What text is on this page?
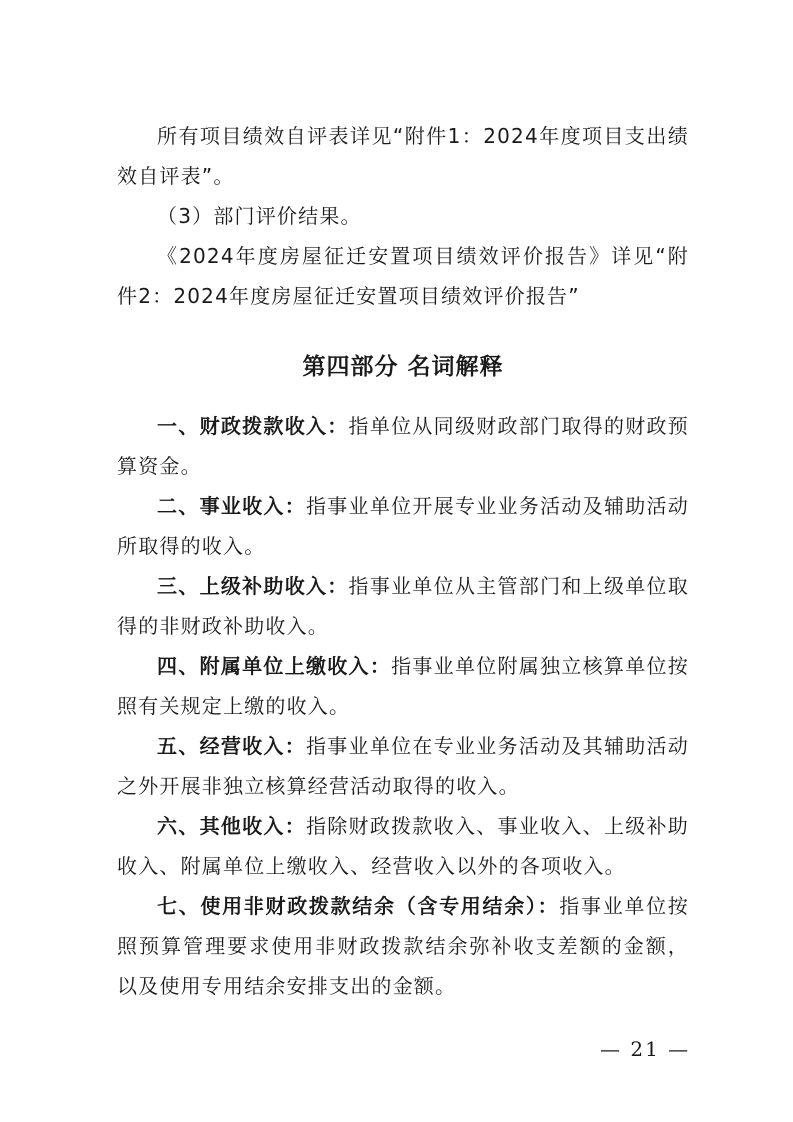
所有项目绩效自评表详见“附件1：2024年度项目支出绩效自评表”。

（3）部门评价结果。

《2024年度房屋征迁安置项目绩效评价报告》详见“附件2：2024年度房屋征迁安置项目绩效评价报告”

第四部分 名词解释

一、财政拨款收入：指单位从同级财政部门取得的财政预算资金。

二、事业收入：指事业单位开展专业业务活动及辅助活动所取得的收入。

三、上级补助收入：指事业单位从主管部门和上级单位取得的非财政补助收入。

四、附属单位上缴收入：指事业单位附属独立核算单位按照有关规定上缴的收入。

五、经营收入：指事业单位在专业业务活动及其辅助活动之外开展非独立核算经营活动取得的收入。

六、其他收入：指除财政拨款收入、事业收入、上级补助收入、附属单位上缴收入、经营收入以外的各项收入。

七、使用非财政拨款结余（含专用结余）：指事业单位按照预算管理要求使用非财政拨款结余弥补收支差额的金额，以及使用专用结余安排支出的金额。

— 21 —
